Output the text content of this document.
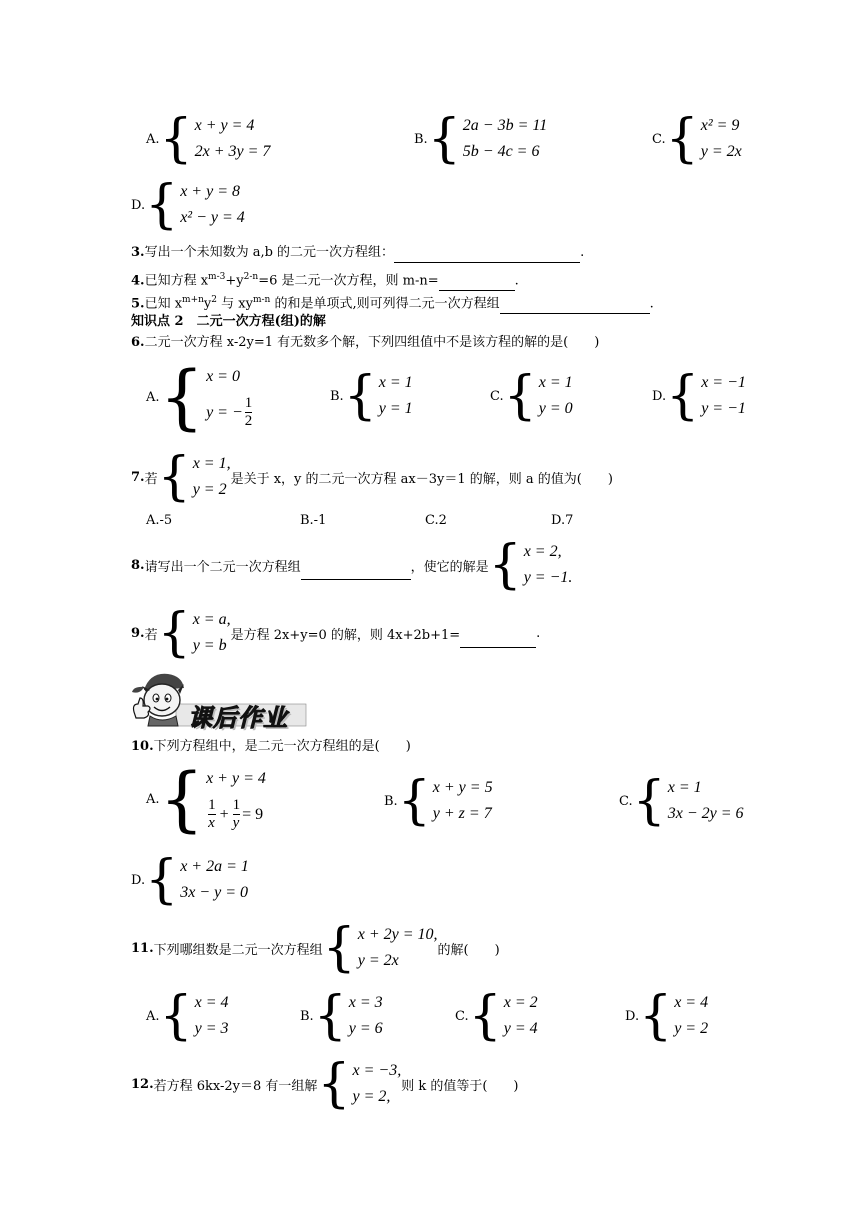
A. { x + y = 4
2x + 3y = 7
B. { 2a − 3b = 11
5b − 4c = 6
C. { x² = 9
y = 2x
D. { x + y = 8
x² − y = 4
3.写出一个未知数为 a,b 的二元一次方程组：	.
4.已知方程 $x^{m-3}+y^{2-n}=6$ 是二元一次方程，则 m-n=	.
5.已知 $x^{m+n}y^2$ 与 $xy^{m-n}$ 的和是单项式,则可列得二元一次方程组	.
知识点 2　二元一次方程(组)的解
6.二元一次方程 x-2y=1 有无数多个解，下列四组值中不是该方程的解的是(　　)
A. { x = 0
y = − $\frac{1}{2}$	B. { x = 1
y = 1
C. { x = 1
y = 0
D. { x = −1
y = −1
7. 若 { x = 1,
y = 2
是关于 x，y 的二元一次方程 ax－3y＝1 的解，则 a 的值为(　　)
A.-5	B.-1	C.2	D.7
8. 请写出一个二元一次方程组
	，使它的解是 { x = 2,
y = −1.
9. 若 { x = a,
y = b
是方程 2x+y=0 的解，则 4x+2b+1=
	.
课后作业
10.下列方程组中，是二元一次方程组的是(　　)
A. { x + y = 4
$\frac{1}{x} + \frac{1}{y} = 9$
B. { x + y = 5
y + z = 7
C. { x = 1
3x − 2y = 6
D. { x + 2a = 1
3x − y = 0
11. 下列哪组数是二元一次方程组 { x + 2y = 10,
y = 2x
的解(　　)
A. { x = 4
y = 3
B. { x = 3
y = 6
C. { x = 2
y = 4
D. { x = 4
y = 2
12. 若方程 6kx-2y＝8 有一组解 { x = −3,
y = 2,
则 k 的值等于(　　)
